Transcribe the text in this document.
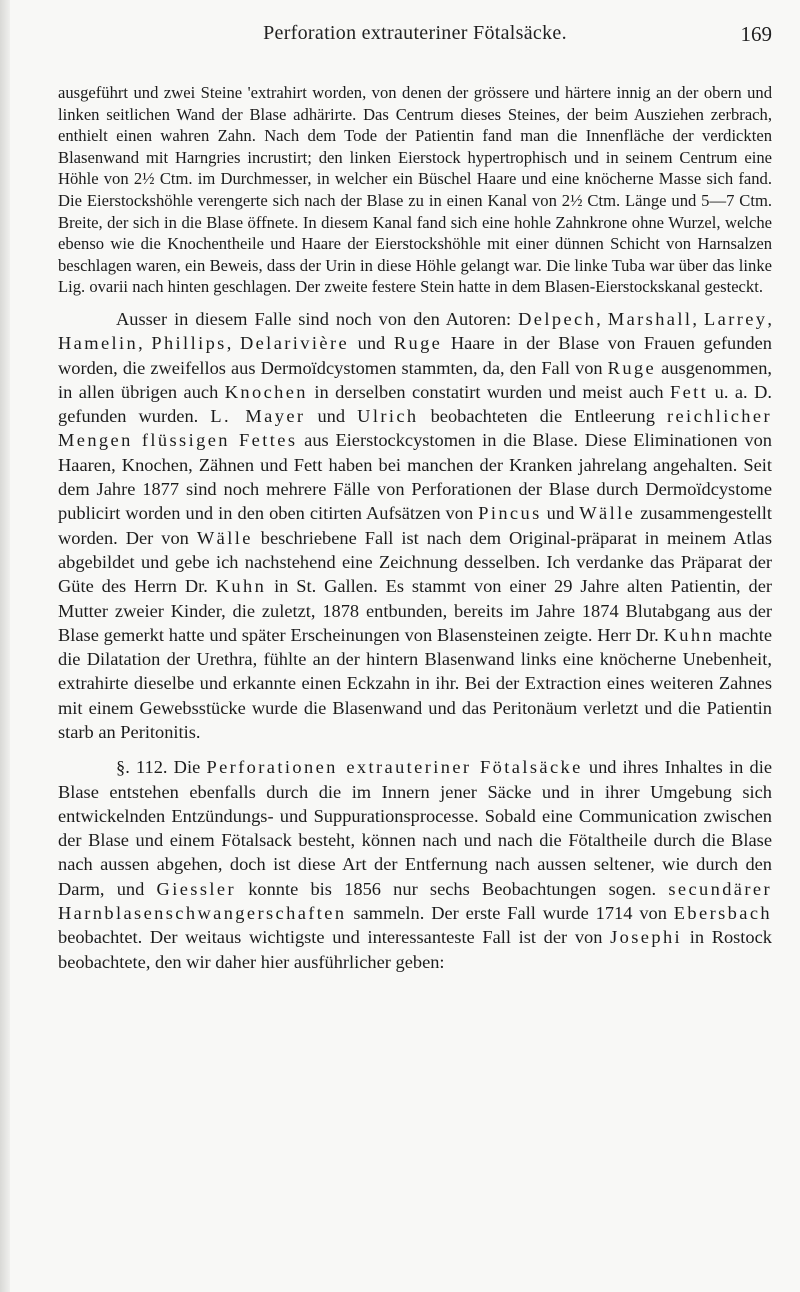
Perforation extrauteriner Fötalsäcke.	169

ausgeführt und zwei Steine 'extrahirt worden, von denen der grössere und härtere innig an der obern und linken seitlichen Wand der Blase adhärirte. Das Centrum dieses Steines, der beim Ausziehen zerbrach, enthielt einen wahren Zahn. Nach dem Tode der Patientin fand man die Innenfläche der verdickten Blasenwand mit Harngries incrustirt; den linken Eierstock hypertrophisch und in seinem Centrum eine Höhle von 2½ Ctm. im Durchmesser, in welcher ein Büschel Haare und eine knöcherne Masse sich fand. Die Eierstockshöhle verengerte sich nach der Blase zu in einen Kanal von 2½ Ctm. Länge und 5—7 Ctm. Breite, der sich in die Blase öffnete. In diesem Kanal fand sich eine hohle Zahnkrone ohne Wurzel, welche ebenso wie die Knochentheile und Haare der Eierstockshöhle mit einer dünnen Schicht von Harnsalzen beschlagen waren, ein Beweis, dass der Urin in diese Höhle gelangt war. Die linke Tuba war über das linke Lig. ovarii nach hinten geschlagen. Der zweite festere Stein hatte in dem Blasen-Eierstockskanal gesteckt.

Ausser in diesem Falle sind noch von den Autoren: Delpech, Marshall, Larrey, Hamelin, Phillips, Delarivière und Ruge Haare in der Blase von Frauen gefunden worden, die zweifellos aus Dermoïdcystomen stammten, da, den Fall von Ruge ausgenommen, in allen übrigen auch Knochen in derselben constatirt wurden und meist auch Fett u. a. D. gefunden wurden. L. Mayer und Ulrich beobachteten die Entleerung reichlicher Mengen flüssigen Fettes aus Eierstockcystomen in die Blase. Diese Eliminationen von Haaren, Knochen, Zähnen und Fett haben bei manchen der Kranken jahrelang angehalten. Seit dem Jahre 1877 sind noch mehrere Fälle von Perforationen der Blase durch Dermoïdcystome publicirt worden und in den oben citirten Aufsätzen von Pincus und Wälle zusammengestellt worden. Der von Wälle beschriebene Fall ist nach dem Original-präparat in meinem Atlas abgebildet und gebe ich nachstehend eine Zeichnung desselben. Ich verdanke das Präparat der Güte des Herrn Dr. Kuhn in St. Gallen. Es stammt von einer 29 Jahre alten Patientin, der Mutter zweier Kinder, die zuletzt, 1878 entbunden, bereits im Jahre 1874 Blutabgang aus der Blase gemerkt hatte und später Erscheinungen von Blasensteinen zeigte. Herr Dr. Kuhn machte die Dilatation der Urethra, fühlte an der hintern Blasenwand links eine knöcherne Unebenheit, extrahirte dieselbe und erkannte einen Eckzahn in ihr. Bei der Extraction eines weiteren Zahnes mit einem Gewebsstücke wurde die Blasenwand und das Peritonäum verletzt und die Patientin starb an Peritonitis.

§. 112. Die Perforationen extrauteriner Fötalsäcke und ihres Inhaltes in die Blase entstehen ebenfalls durch die im Innern jener Säcke und in ihrer Umgebung sich entwickelnden Entzündungs- und Suppurationsprocesse. Sobald eine Communication zwischen der Blase und einem Fötalsack besteht, können nach und nach die Fötaltheile durch die Blase nach aussen abgehen, doch ist diese Art der Entfernung nach aussen seltener, wie durch den Darm, und Giessler konnte bis 1856 nur sechs Beobachtungen sogen. secundärer Harnblasenschwangerschaften sammeln. Der erste Fall wurde 1714 von Ebersbach beobachtet. Der weitaus wichtigste und interessanteste Fall ist der von Josephi in Rostock beobachtete, den wir daher hier ausführlicher geben:
